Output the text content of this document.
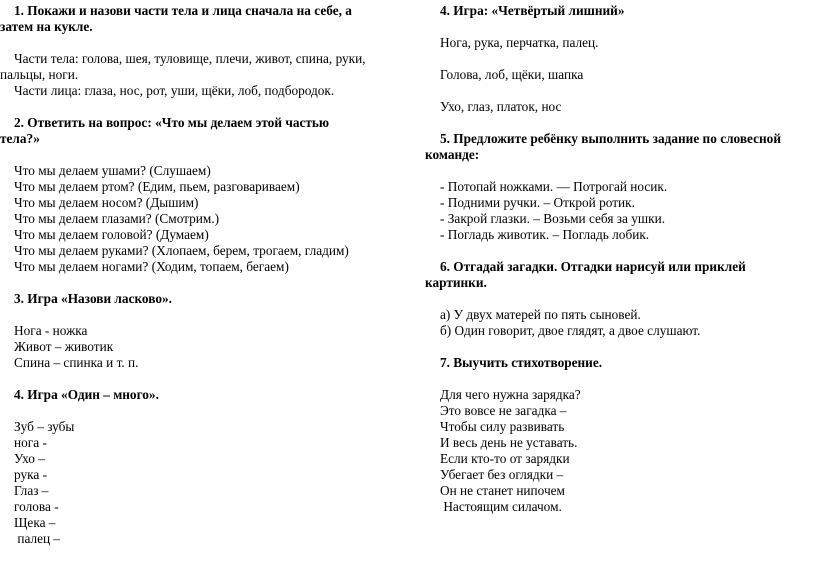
1. Покажи и назови части тела и лица сначала на себе, а
затем на кукле.
Части тела: голова, шея, туловище, плечи, живот, спина, руки,
пальцы, ноги.
Части лица: глаза, нос, рот, уши, щёки, лоб, подбородок.
2. Ответить на вопрос: «Что мы делаем этой частью
тела?»
Что мы делаем ушами? (Слушаем)
Что мы делаем ртом? (Едим, пьем, разговариваем)
Что мы делаем носом? (Дышим)
Что мы делаем глазами? (Смотрим.)
Что мы делаем головой? (Думаем)
Что мы делаем руками? (Хлопаем, берем, трогаем, гладим)
Что мы делаем ногами? (Ходим, топаем, бегаем)
3. Игра «Назови ласково».
Нога - ножка
Живот – животик
Спина – спинка и т. п.
4. Игра «Один – много».
Зуб – зубы
нога -
Ухо –
рука -
Глаз –
голова -
Щека –
палец –
4. Игра: «Четвёртый лишний»
Нога, рука, перчатка, палец.
Голова, лоб, щёки, шапка
Ухо, глаз, платок, нос
5. Предложите ребёнку выполнить задание по словесной
команде:
- Потопай ножками. — Потрогай носик.
- Подними ручки. – Открой ротик.
- Закрой глазки. – Возьми себя за ушки.
- Погладь животик. – Погладь лобик.
6. Отгадай загадки. Отгадки нарисуй или приклей
картинки.
а) У двух матерей по пять сыновей.
б) Один говорит, двое глядят, а двое слушают.
7. Выучить стихотворение.
Для чего нужна зарядка?
Это вовсе не загадка –
Чтобы силу развивать
И весь день не уставать.
Если кто-то от зарядки
Убегает без оглядки –
Он не станет нипочем
Настоящим силачом.
